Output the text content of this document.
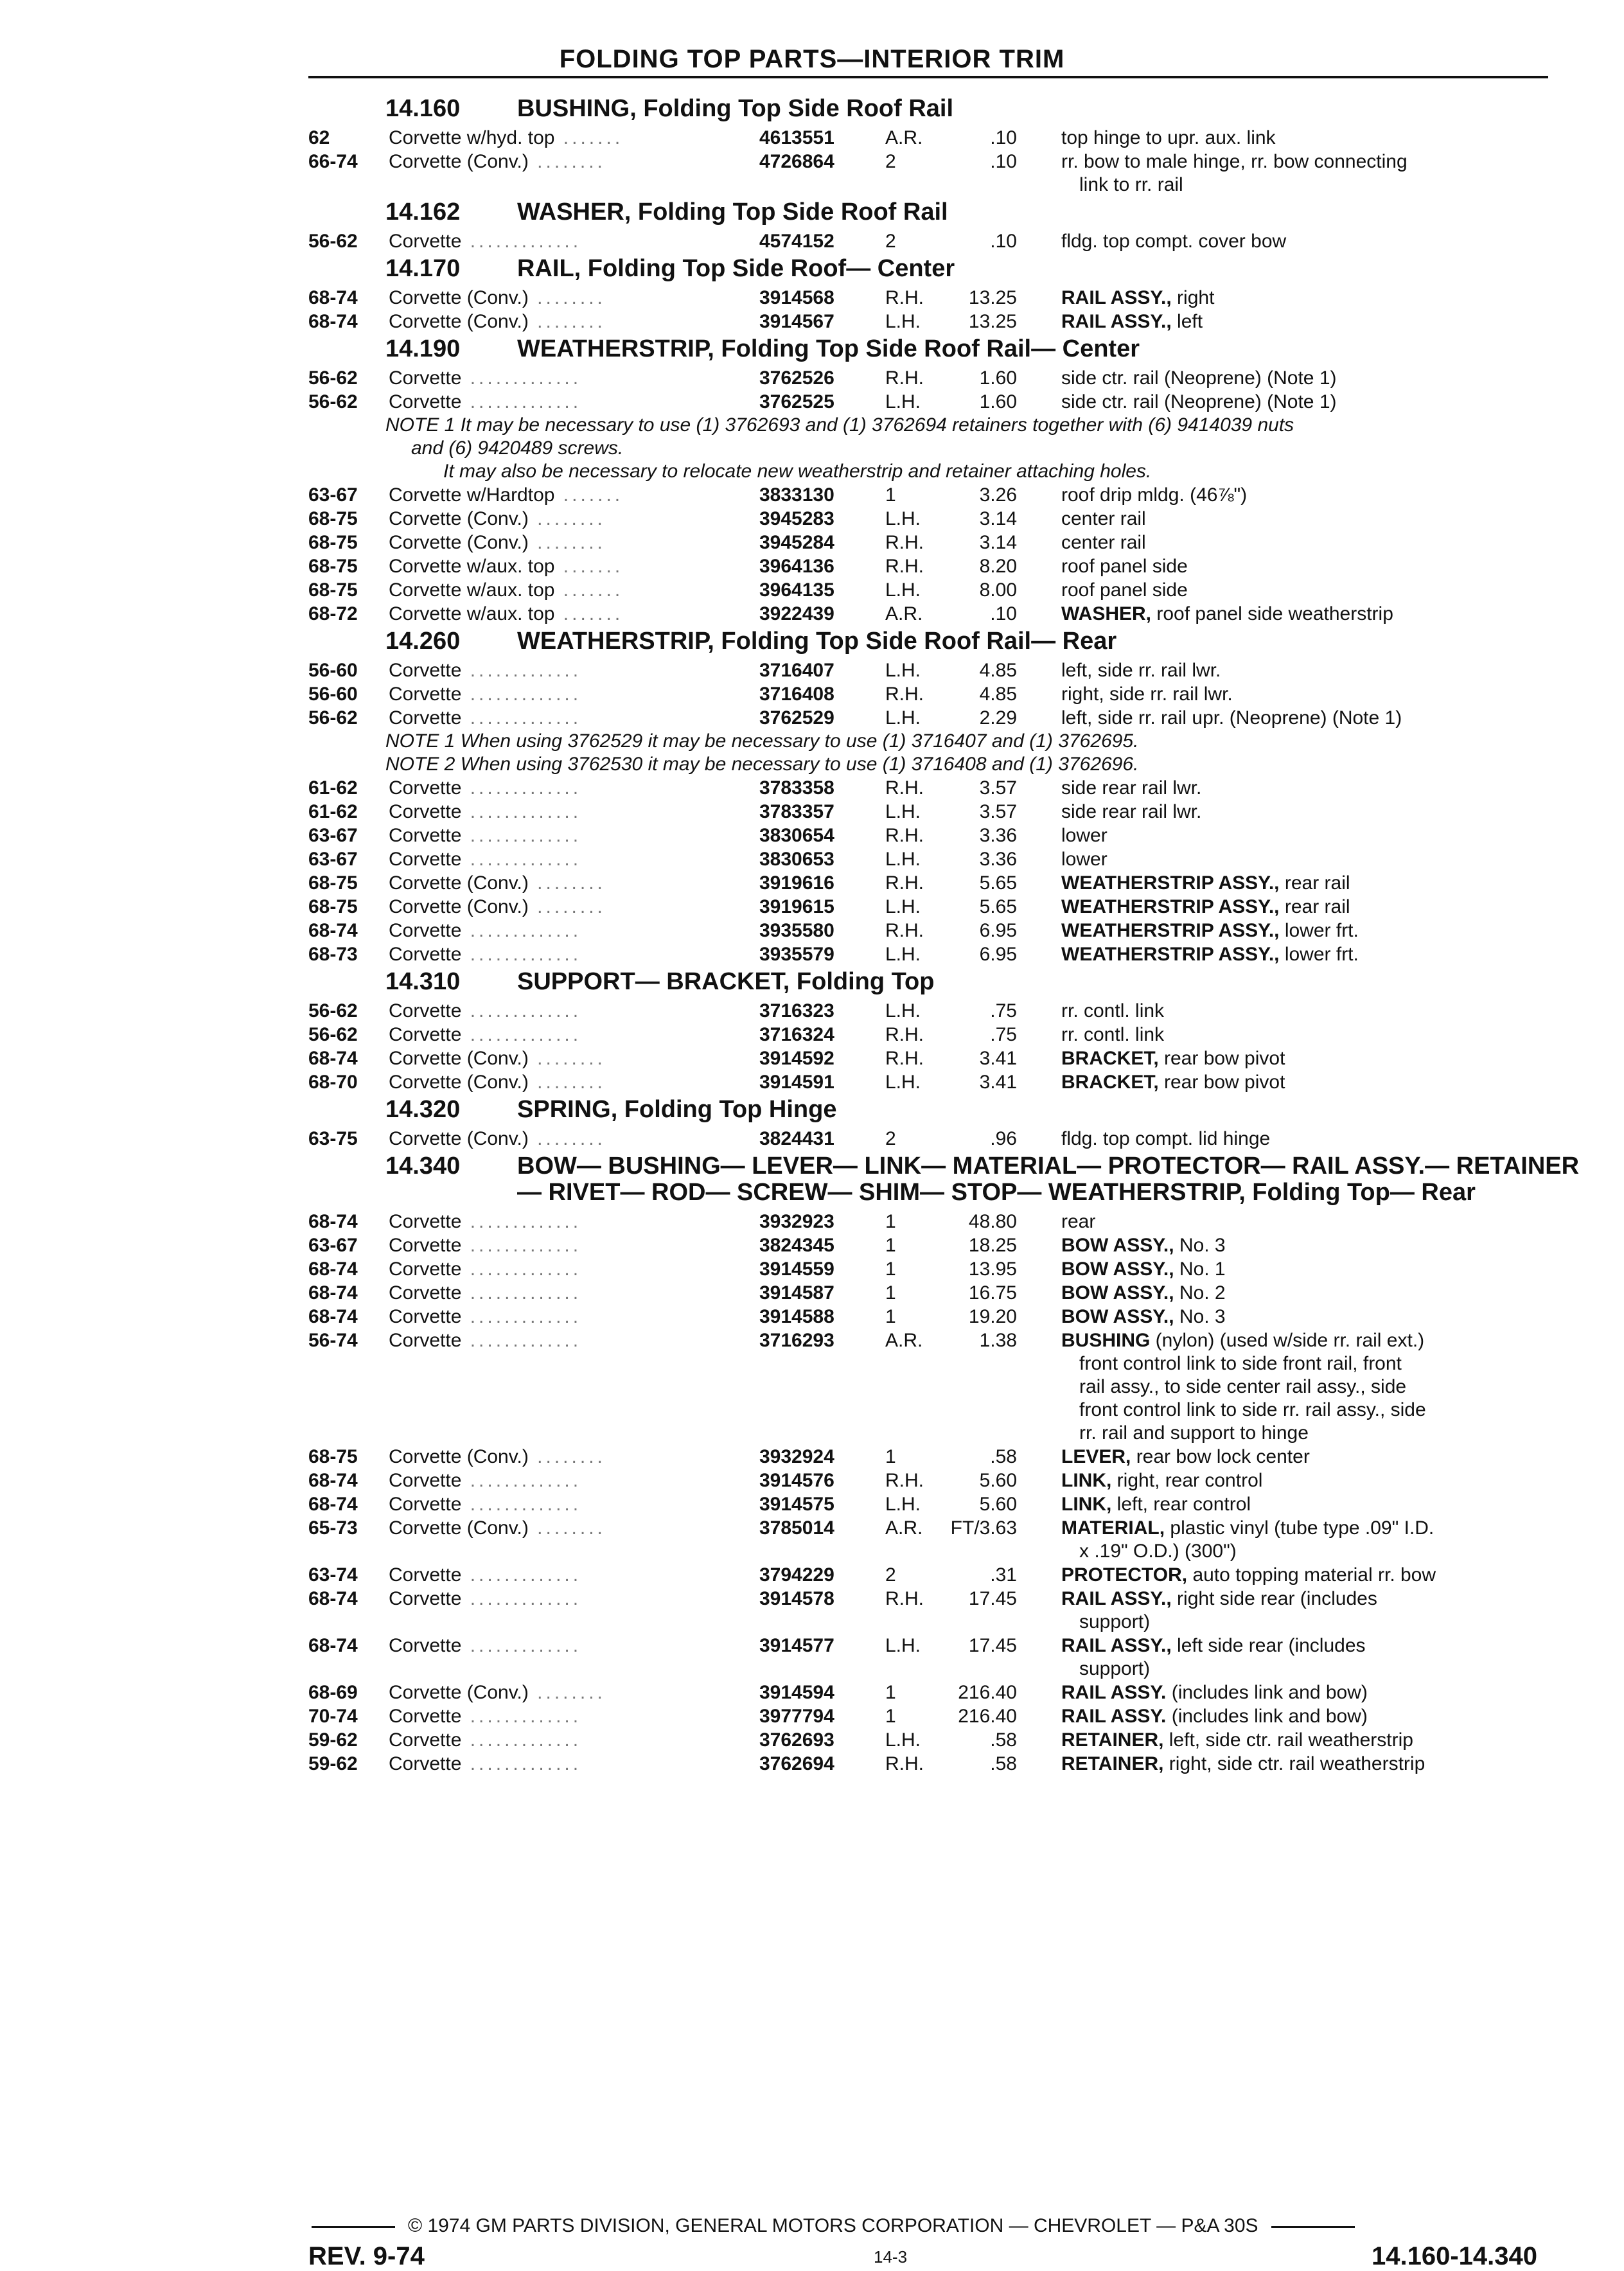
FOLDING TOP PARTS—INTERIOR TRIM
14.160	BUSHING, Folding Top Side Roof Rail
62	Corvette w/hyd. top .......	4613551	A.R.	.10 top hinge to upr. aux. link
66-74 Corvette (Conv.) ........	4726864	2	.10 rr. bow to male hinge, rr. bow connecting
link to rr. rail
14.162	WASHER, Folding Top Side Roof Rail
56-62 Corvette .............	4574152	2	.10 fldg. top compt. cover bow
14.170	RAIL, Folding Top Side Roof— Center
68-74 Corvette (Conv.) ........	3914568	R.H. 13.25 RAIL ASSY., right
68-74 Corvette (Conv.) ........	3914567	L.H. 13.25 RAIL ASSY., left
14.190	WEATHERSTRIP, Folding Top Side Roof Rail— Center
56-62 Corvette .............	3762526	R.H.	1.60 side ctr. rail (Neoprene) (Note 1)
56-62 Corvette .............	3762525	L.H.	1.60 side ctr. rail (Neoprene) (Note 1)
NOTE 1 It may be necessary to use (1) 3762693 and (1) 3762694 retainers together with (6) 9414039 nuts
and (6) 9420489 screws.
It may also be necessary to relocate new weatherstrip and retainer attaching holes.
63-67 Corvette w/Hardtop .......	3833130	1	3.26 roof drip mldg. (46⅞")
68-75 Corvette (Conv.) ........	3945283	L.H.	3.14 center rail
68-75 Corvette (Conv.) ........	3945284	R.H.	3.14 center rail
68-75 Corvette w/aux. top .......	3964136	R.H.	8.20 roof panel side
68-75 Corvette w/aux. top .......	3964135	L.H.	8.00 roof panel side
68-72 Corvette w/aux. top .......	3922439	A.R.	.10 WASHER, roof panel side weatherstrip
14.260	WEATHERSTRIP, Folding Top Side Roof Rail— Rear
56-60 Corvette .............	3716407	L.H.	4.85 left, side rr. rail lwr.
56-60 Corvette .............	3716408	R.H.	4.85 right, side rr. rail lwr.
56-62 Corvette .............	3762529	L.H.	2.29 left, side rr. rail upr. (Neoprene) (Note 1)
NOTE 1 When using 3762529 it may be necessary to use (1) 3716407 and (1) 3762695.
NOTE 2 When using 3762530 it may be necessary to use (1) 3716408 and (1) 3762696.
61-62 Corvette .............	3783358	R.H.	3.57 side rear rail lwr.
61-62 Corvette .............	3783357	L.H.	3.57 side rear rail lwr.
63-67 Corvette .............	3830654	R.H.	3.36 lower
63-67 Corvette .............	3830653	L.H.	3.36 lower
68-75 Corvette (Conv.) ........	3919616	R.H.	5.65 WEATHERSTRIP ASSY., rear rail
68-75 Corvette (Conv.) ........	3919615	L.H.	5.65 WEATHERSTRIP ASSY., rear rail
68-74 Corvette .............	3935580	R.H.	6.95 WEATHERSTRIP ASSY., lower frt.
68-73 Corvette .............	3935579	L.H.	6.95 WEATHERSTRIP ASSY., lower frt.
14.310	SUPPORT— BRACKET, Folding Top
56-62 Corvette .............	3716323	L.H.	.75 rr. contl. link
56-62 Corvette .............	3716324	R.H.	.75 rr. contl. link
68-74 Corvette (Conv.) ........	3914592	R.H.	3.41 BRACKET, rear bow pivot
68-70 Corvette (Conv.) ........	3914591	L.H.	3.41 BRACKET, rear bow pivot
14.320	SPRING, Folding Top Hinge
63-75 Corvette (Conv.) ........	3824431	2	.96 fldg. top compt. lid hinge
14.340	BOW— BUSHING— LEVER— LINK— MATERIAL— PROTECTOR— RAIL ASSY.— RETAINER— RIVET— ROD— SCREW— SHIM— STOP— WEATHERSTRIP, Folding Top— Rear
68-74 Corvette .............	3932923	1	48.80 rear
63-67 Corvette .............	3824345	1	18.25 BOW ASSY., No. 3
68-74 Corvette .............	3914559	1	13.95 BOW ASSY., No. 1
68-74 Corvette .............	3914587	1	16.75 BOW ASSY., No. 2
68-74 Corvette .............	3914588	1	19.20 BOW ASSY., No. 3
56-74 Corvette .............	3716293	A.R.	1.38 BUSHING (nylon) (used w/side rr. rail ext.)
front control link to side front rail, front
rail assy., to side center rail assy., side
front control link to side rr. rail assy., side
rr. rail and support to hinge
68-75 Corvette (Conv.) ........	3932924	1	.58 LEVER, rear bow lock center
68-74 Corvette .............	3914576	R.H.	5.60 LINK, right, rear control
68-74 Corvette .............	3914575	L.H.	5.60 LINK, left, rear control
65-73 Corvette (Conv.) ........	3785014	A.R. FT/3.63 MATERIAL, plastic vinyl (tube type .09" I.D.
x .19" O.D.) (300")
63-74 Corvette .............	3794229	2	.31 PROTECTOR, auto topping material rr. bow
68-74 Corvette .............	3914578	R.H. 17.45 RAIL ASSY., right side rear (includes
support)
68-74 Corvette .............	3914577	L.H. 17.45 RAIL ASSY., left side rear (includes
support)
68-69 Corvette (Conv.) ........	3914594	1	216.40 RAIL ASSY. (includes link and bow)
70-74 Corvette .............	3977794	1	216.40 RAIL ASSY. (includes link and bow)
59-62 Corvette .............	3762693	L.H.	.58 RETAINER, left, side ctr. rail weatherstrip
59-62 Corvette .............	3762694	R.H.	.58 RETAINER, right, side ctr. rail weatherstrip
© 1974 GM PARTS DIVISION, GENERAL MOTORS CORPORATION — CHEVROLET — P&A 30S
REV. 9-74	14-3	14.160-14.340
